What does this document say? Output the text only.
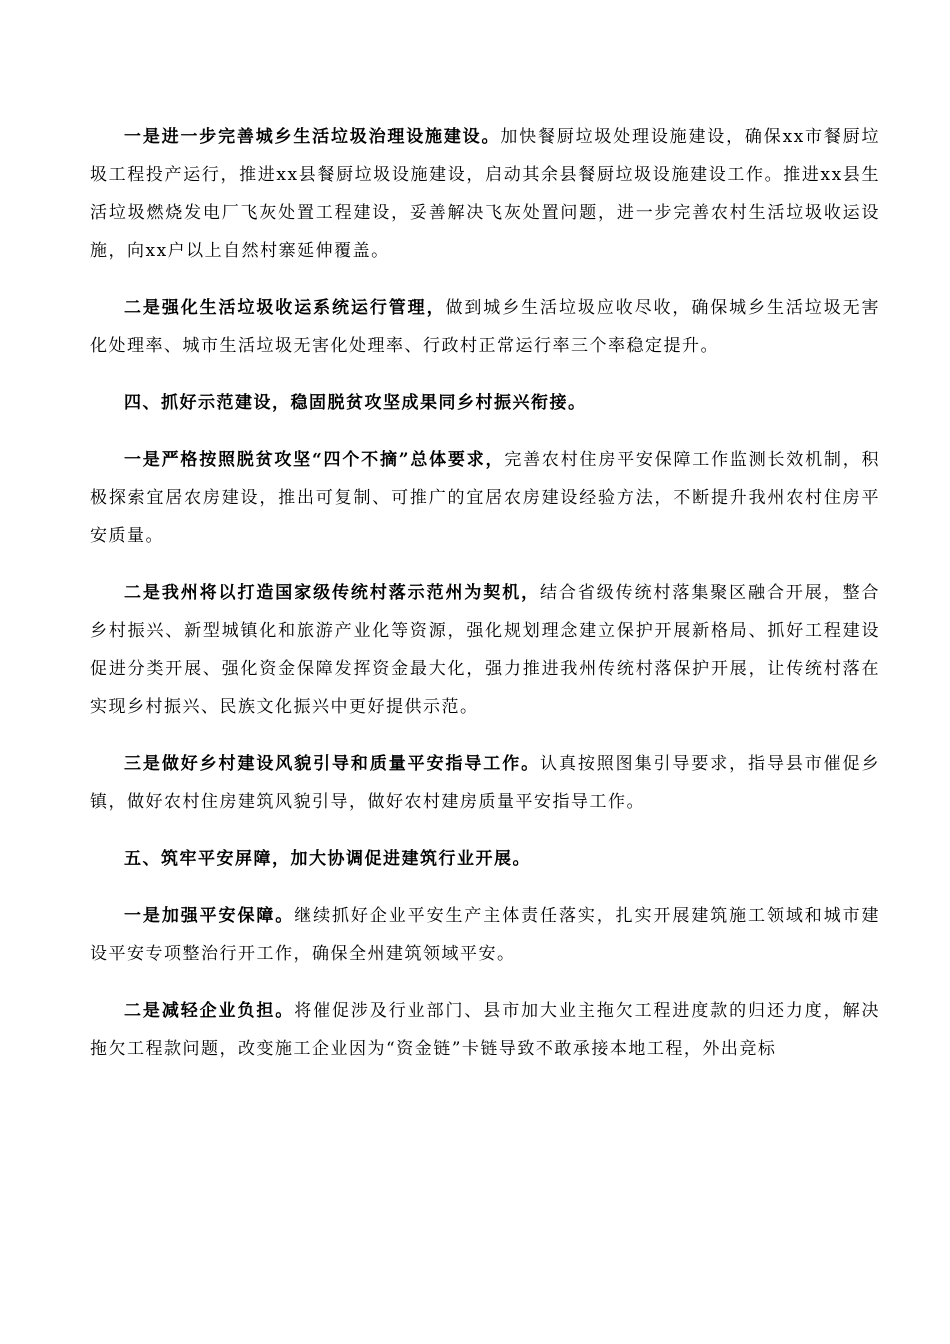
一是进一步完善城乡生活垃圾治理设施建设。加快餐厨垃圾处理设施建设，确保xx市餐厨垃圾工程投产运行，推进xx县餐厨垃圾设施建设，启动其余县餐厨垃圾设施建设工作。推进xx县生活垃圾燃烧发电厂飞灰处置工程建设，妥善解决飞灰处置问题，进一步完善农村生活垃圾收运设施，向xx户以上自然村寨延伸覆盖。

二是强化生活垃圾收运系统运行管理，做到城乡生活垃圾应收尽收，确保城乡生活垃圾无害化处理率、城市生活垃圾无害化处理率、行政村正常运行率三个率稳定提升。

四、抓好示范建设，稳固脱贫攻坚成果同乡村振兴衔接。

一是严格按照脱贫攻坚“四个不摘”总体要求，完善农村住房平安保障工作监测长效机制，积极探索宜居农房建设，推出可复制、可推广的宜居农房建设经验方法，不断提升我州农村住房平安质量。

二是我州将以打造国家级传统村落示范州为契机，结合省级传统村落集聚区融合开展，整合乡村振兴、新型城镇化和旅游产业化等资源，强化规划理念建立保护开展新格局、抓好工程建设促进分类开展、强化资金保障发挥资金最大化，强力推进我州传统村落保护开展，让传统村落在实现乡村振兴、民族文化振兴中更好提供示范。

三是做好乡村建设风貌引导和质量平安指导工作。认真按照图集引导要求，指导县市催促乡镇，做好农村住房建筑风貌引导，做好农村建房质量平安指导工作。

五、筑牢平安屏障，加大协调促进建筑行业开展。

一是加强平安保障。继续抓好企业平安生产主体责任落实，扎实开展建筑施工领域和城市建设平安专项整治行开工作，确保全州建筑领域平安。

二是减轻企业负担。将催促涉及行业部门、县市加大业主拖欠工程进度款的归还力度，解决拖欠工程款问题，改变施工企业因为“资金链”卡链导致不敢承接本地工程，外出竞标
